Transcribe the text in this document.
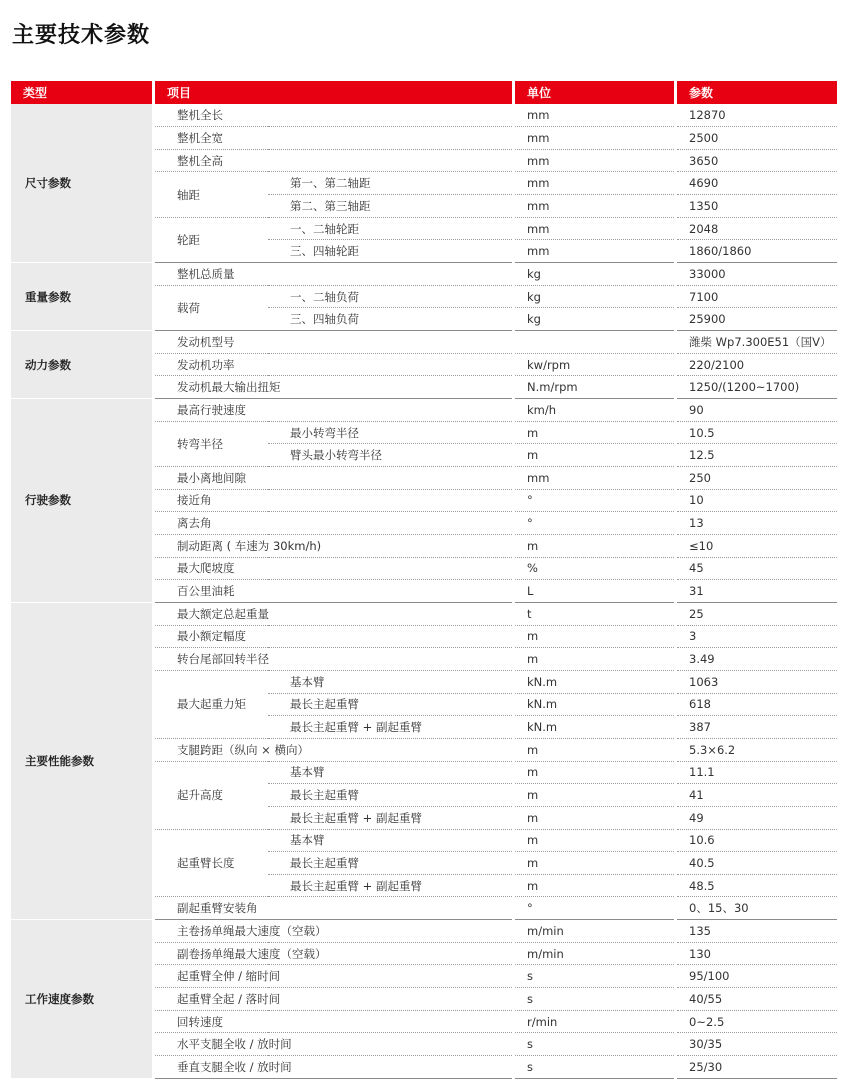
主要技术参数
类型		项目			单位		参数
尺寸参数		整机全长			mm		12870
		整机全宽			mm		2500
		整机全高			mm		3650
		轴距	第一、第二轴距		mm		4690
			第二、第三轴距		mm		1350
		轮距	一、二轴轮距		mm		2048
			三、四轴轮距		mm		1860/1860
重量参数		整机总质量			kg		33000
		载荷	一、二轴负荷		kg		7100
			三、四轴负荷		kg		25900
动力参数		发动机型号					潍柴 Wp7.300E51（国Ⅴ）
		发动机功率			kw/rpm		220/2100
		发动机最大输出扭矩			N.m/rpm		1250/(1200~1700)
行驶参数		最高行驶速度			km/h		90
		转弯半径	最小转弯半径		m		10.5
			臂头最小转弯半径		m		12.5
		最小离地间隙			mm		250
		接近角			°		10
		离去角			°		13
		制动距离 ( 车速为 30km/h)			m		≤10
		最大爬坡度			%		45
		百公里油耗			L		31
主要性能参数		最大额定总起重量			t		25
		最小额定幅度			m		3
		转台尾部回转半径			m		3.49
		最大起重力矩	基本臂		kN.m		1063
			最长主起重臂		kN.m		618
			最长主起重臂 + 副起重臂		kN.m		387
		支腿跨距（纵向 × 横向）			m		5.3×6.2
		起升高度	基本臂		m		11.1
			最长主起重臂		m		41
			最长主起重臂 + 副起重臂		m		49
		起重臂长度	基本臂		m		10.6
			最长主起重臂		m		40.5
			最长主起重臂 + 副起重臂		m		48.5
		副起重臂安装角			°		0、15、30
工作速度参数		主卷扬单绳最大速度（空载）			m/min		135
		副卷扬单绳最大速度（空载）			m/min		130
		起重臂全伸 / 缩时间			s		95/100
		起重臂全起 / 落时间			s		40/55
		回转速度			r/min		0~2.5
		水平支腿全收 / 放时间			s		30/35
		垂直支腿全收 / 放时间			s		25/30
